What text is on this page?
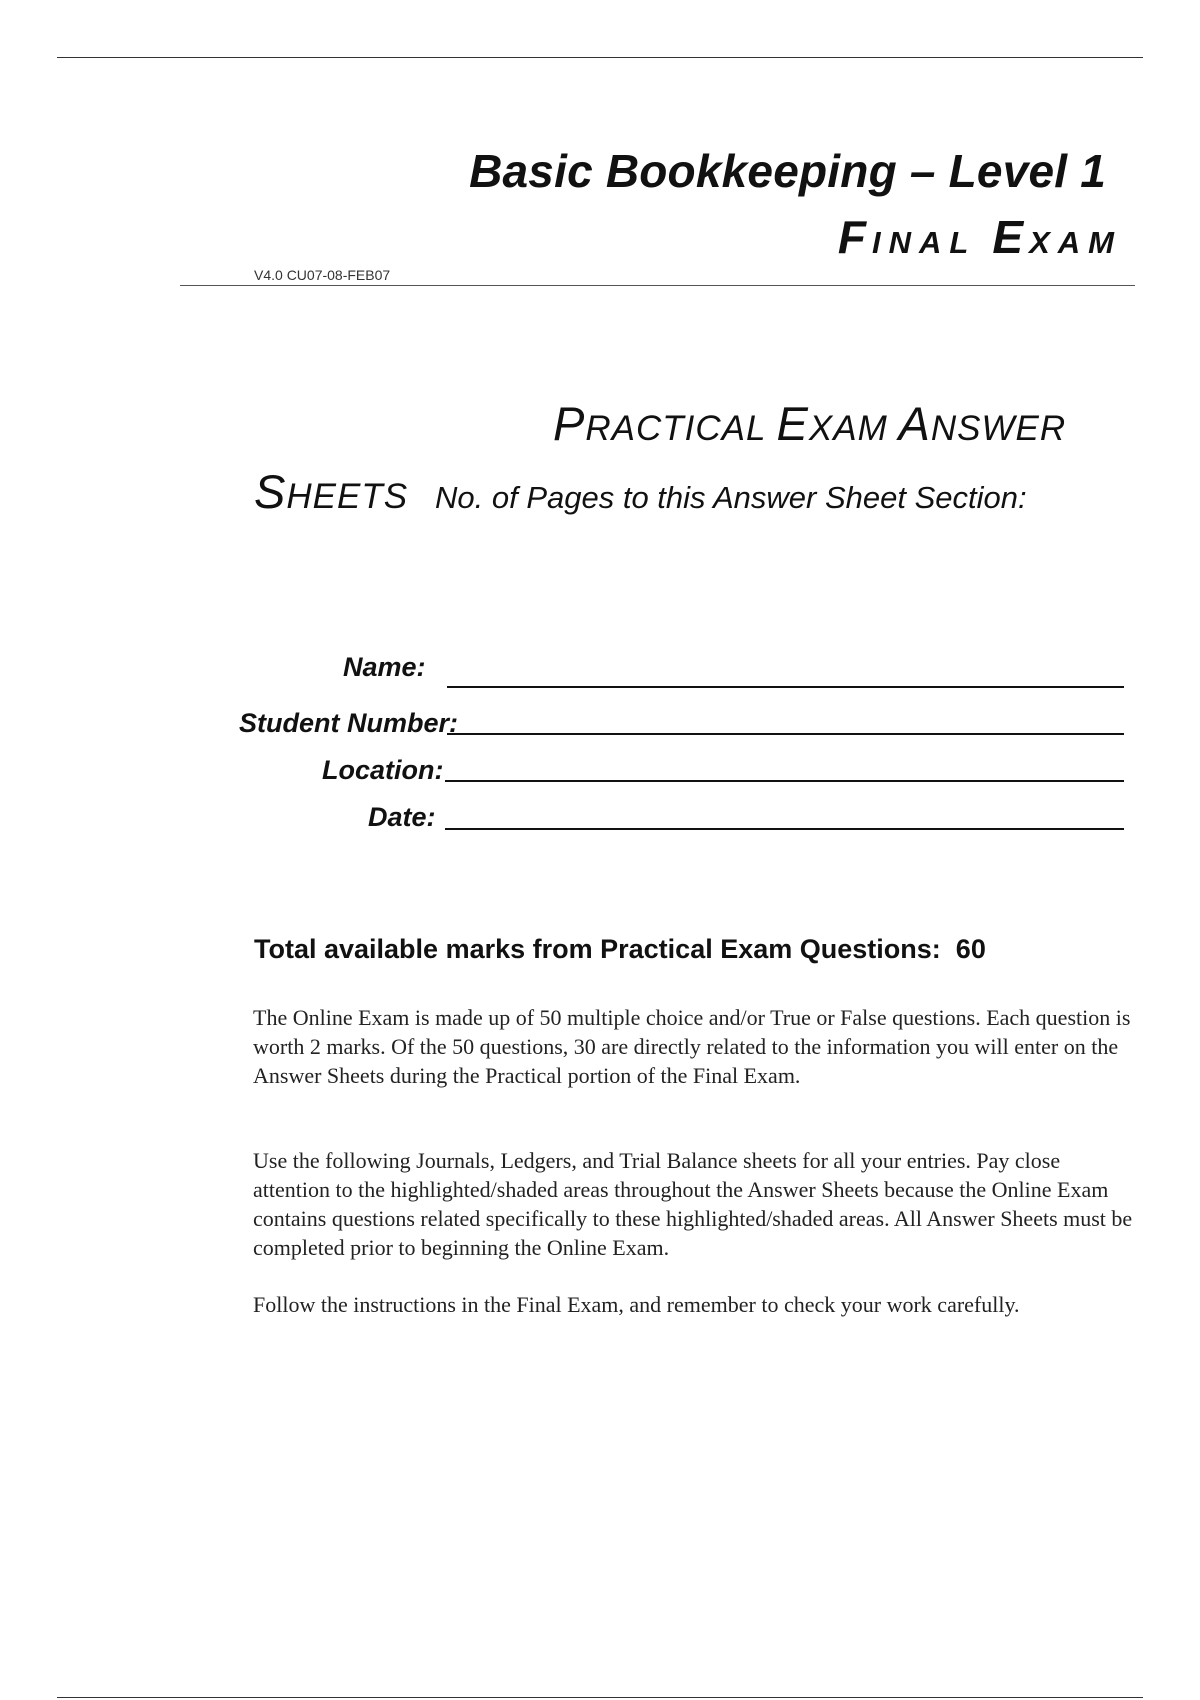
Basic Bookkeeping – Level 1
FINAL EXAM
V4.0 CU07-08-FEB07
PRACTICAL EXAM ANSWER
SHEETS No. of Pages to this Answer Sheet Section:
Name:
Student Number:
Location:
Date:
Total available marks from Practical Exam Questions: 60

The Online Exam is made up of 50 multiple choice and/or True or False questions. Each question is worth 2 marks. Of the 50 questions, 30 are directly related to the information you will enter on the Answer Sheets during the Practical portion of the Final Exam.

Use the following Journals, Ledgers, and Trial Balance sheets for all your entries. Pay close attention to the highlighted/shaded areas throughout the Answer Sheets because the Online Exam contains questions related specifically to these highlighted/shaded areas. All Answer Sheets must be completed prior to beginning the Online Exam.

Follow the instructions in the Final Exam, and remember to check your work carefully.
